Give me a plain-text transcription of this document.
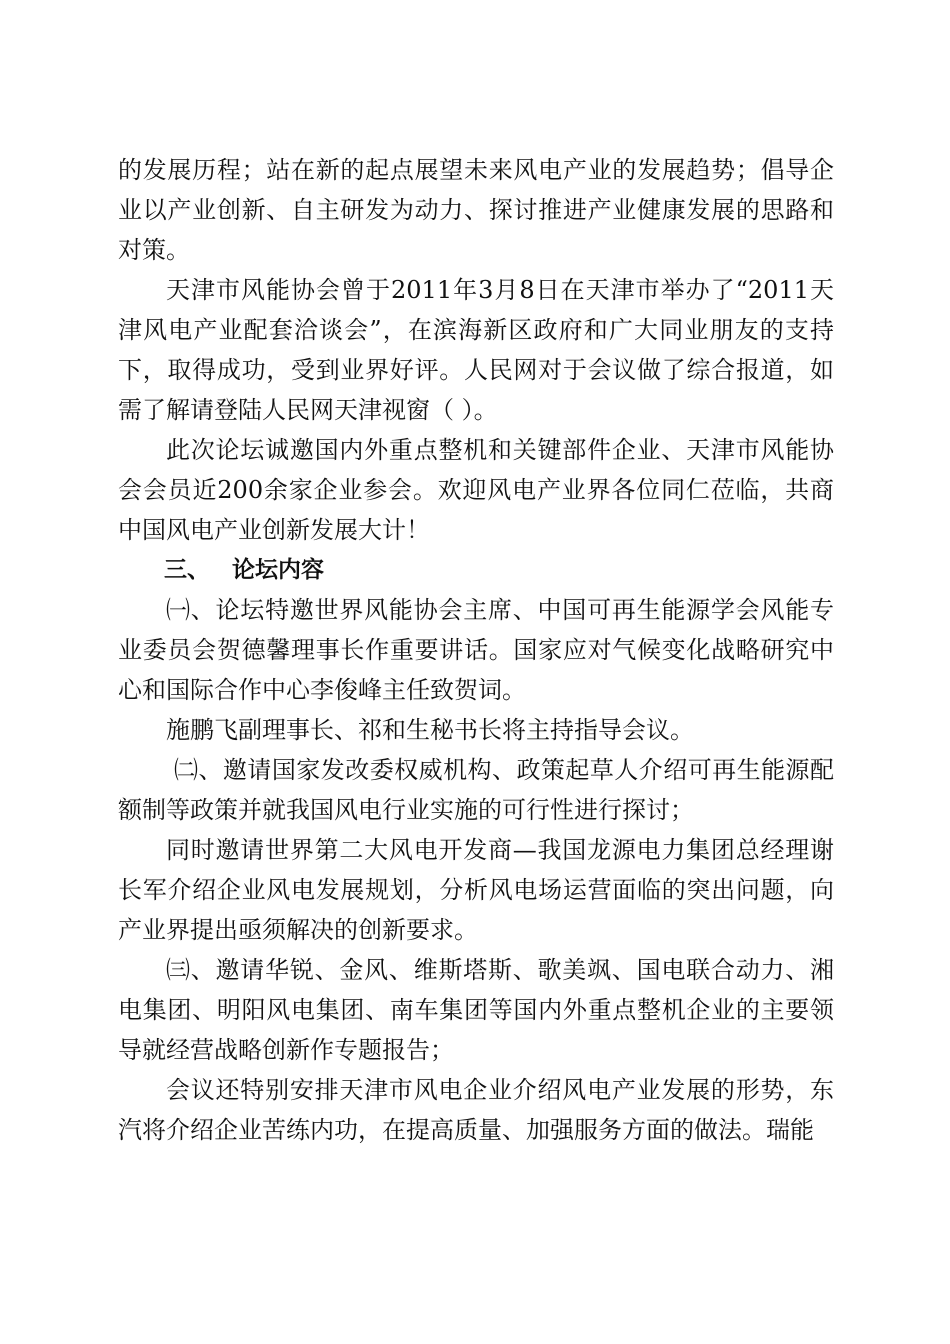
的发展历程；站在新的起点展望未来风电产业的发展趋势；倡导企业以产业创新、自主研发为动力、探讨推进产业健康发展的思路和对策。

天津市风能协会曾于2011年3月8日在天津市举办了“2011天津风电产业配套洽谈会”，在滨海新区政府和广大同业朋友的支持下，取得成功，受到业界好评。人民网对于会议做了综合报道，如需了解请登陆人民网天津视窗（ ）。

此次论坛诚邀国内外重点整机和关键部件企业、天津市风能协会会员近200余家企业参会。欢迎风电产业界各位同仁莅临，共商中国风电产业创新发展大计！

三、 论坛内容

㈠、论坛特邀世界风能协会主席、中国可再生能源学会风能专业委员会贺德馨理事长作重要讲话。国家应对气候变化战略研究中心和国际合作中心李俊峰主任致贺词。

施鹏飞副理事长、祁和生秘书长将主持指导会议。

㈡、邀请国家发改委权威机构、政策起草人介绍可再生能源配额制等政策并就我国风电行业实施的可行性进行探讨；

同时邀请世界第二大风电开发商—我国龙源电力集团总经理谢长军介绍企业风电发展规划，分析风电场运营面临的突出问题，向产业界提出亟须解决的创新要求。

㈢、邀请华锐、金风、维斯塔斯、歌美飒、国电联合动力、湘电集团、明阳风电集团、南车集团等国内外重点整机企业的主要领导就经营战略创新作专题报告；

会议还特别安排天津市风电企业介绍风电产业发展的形势，东汽将介绍企业苦练内功，在提高质量、加强服务方面的做法。瑞能
